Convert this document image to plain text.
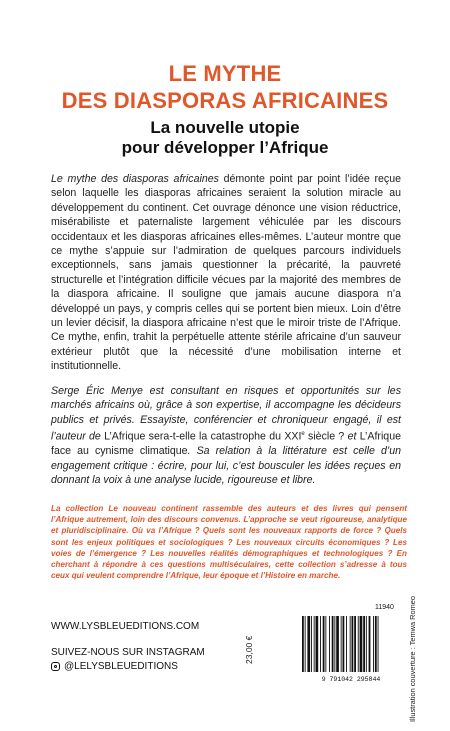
LE MYTHE
DES DIASPORAS AFRICAINES
La nouvelle utopie
pour développer l’Afrique

Le mythe des diasporas africaines démonte point par point l’idée reçue selon laquelle les diasporas africaines seraient la solution miracle au développement du continent. Cet ouvrage dénonce une vision réductrice, misérabiliste et paternaliste largement véhiculée par les discours occidentaux et les diasporas africaines elles-mêmes. L’auteur montre que ce mythe s’appuie sur l’admiration de quelques parcours individuels exceptionnels, sans jamais questionner la précarité, la pauvreté structurelle et l’intégration difficile vécues par la majorité des membres de la diaspora africaine. Il souligne que jamais aucune diaspora n’a développé un pays, y compris celles qui se portent bien mieux. Loin d’être un levier décisif, la diaspora africaine n’est que le miroir triste de l’Afrique. Ce mythe, enfin, trahit la perpétuelle attente stérile africaine d’un sauveur extérieur plutôt que la nécessité d’une mobilisation interne et institutionnelle.

Serge Éric Menye est consultant en risques et opportunités sur les marchés africains où, grâce à son expertise, il accompagne les décideurs publics et privés. Essayiste, conférencier et chroniqueur engagé, il est l’auteur de L’Afrique sera-t-elle la catastrophe du XXIe siècle ? et L’Afrique face au cynisme climatique. Sa relation à la littérature est celle d’un engagement critique : écrire, pour lui, c’est bousculer les idées reçues en donnant la voix à une analyse lucide, rigoureuse et libre.

La collection Le nouveau continent rassemble des auteurs et des livres qui pensent l’Afrique autrement, loin des discours convenus. L’approche se veut rigoureuse, analytique et pluridisciplinaire. Où va l’Afrique ? Quels sont les nouveaux rapports de force ? Quels sont les enjeux politiques et sociologiques ? Les nouveaux circuits économiques ? Les voies de l’émergence ? Les nouvelles réalités démographiques et technologiques ? En cherchant à répondre à ces questions multiséculaires, cette collection s’adresse à tous ceux qui veulent comprendre l’Afrique, leur époque et l’Histoire en marche.

WWW.LYSBLEUEDITIONS.COM
SUIVEZ-NOUS SUR INSTAGRAM
@LELYSBLEUEDITIONS
11940
23,00 €
9 791042 295844	Illustration couverture : Temwa Romeo
